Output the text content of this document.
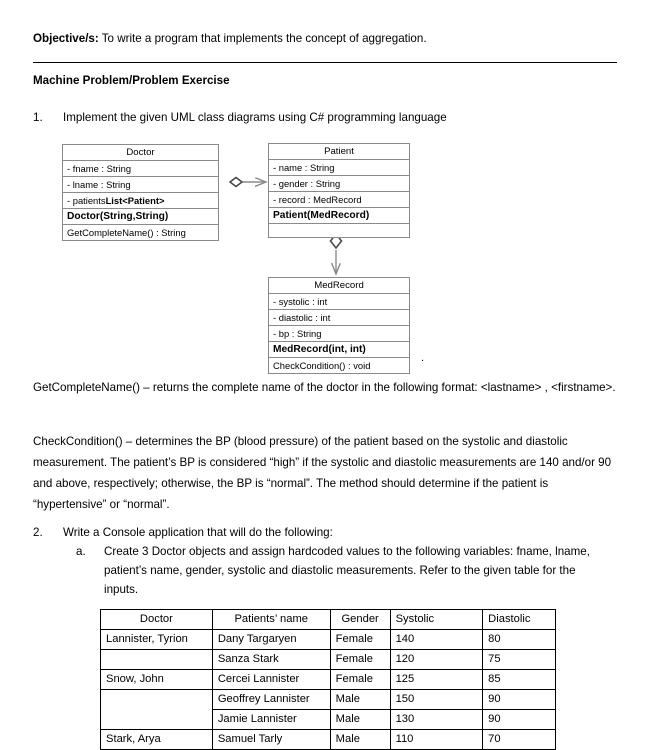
Objective/s: To write a program that implements the concept of aggregation.
Machine Problem/Problem Exercise
1. Implement the given UML class diagrams using C# programming language
Doctor
- fname : String
- lname : String
- patientsList<Patient>
Doctor(String,String)
GetCompleteName() : String
Patient
- name : String
- gender : String
- record : MedRecord
Patient(MedRecord)
MedRecord
- systolic : int
- diastolic : int
- bp : String
MedRecord(int, int)
CheckCondition() : void
.
GetCompleteName() – returns the complete name of the doctor in the following format: <lastname> , <firstname>.
CheckCondition() – determines the BP (blood pressure) of the patient based on the systolic and diastolic measurement. The patient’s BP is considered “high” if the systolic and diastolic measurements are 140 and/or 90 and above, respectively; otherwise, the BP is “normal”. The method should determine if the patient is “hypertensive” or “normal”.
2. Write a Console application that will do the following:
a.	Create 3 Doctor objects and assign hardcoded values to the following variables: fname, lname, patient’s name, gender, systolic and diastolic measurements. Refer to the given table for the inputs.
Doctor	Patients’ name	Gender	Systolic	Diastolic
Lannister, Tyrion	Dany Targaryen	Female	140	80
	Sanza Stark	Female	120	75
Snow, John	Cercei Lannister	Female	125	85
	Geoffrey Lannister	Male	150	90
	Jamie Lannister	Male	130	90
Stark, Arya	Samuel Tarly	Male	110	70
